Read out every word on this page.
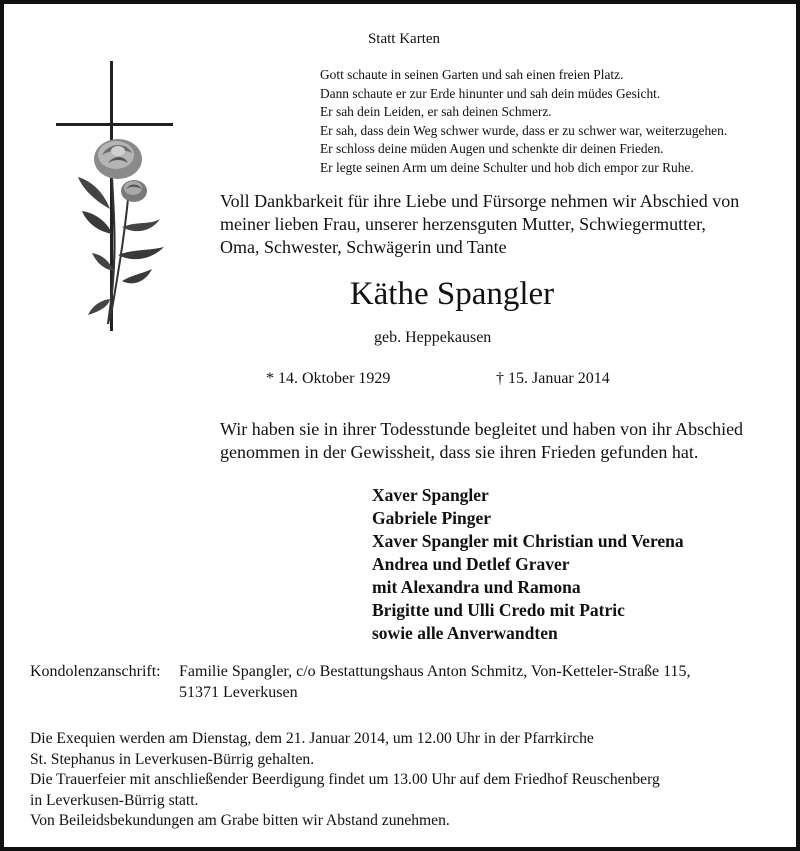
Statt Karten
Gott schaute in seinen Garten und sah einen freien Platz.
Dann schaute er zur Erde hinunter und sah dein müdes Gesicht.
Er sah dein Leiden, er sah deinen Schmerz.
Er sah, dass dein Weg schwer wurde, dass er zu schwer war, weiterzugehen.
Er schloss deine müden Augen und schenkte dir deinen Frieden.
Er legte seinen Arm um deine Schulter und hob dich empor zur Ruhe.
Voll Dankbarkeit für ihre Liebe und Fürsorge nehmen wir Abschied von
meiner lieben Frau, unserer herzensguten Mutter, Schwiegermutter,
Oma, Schwester, Schwägerin und Tante
Käthe Spangler
geb. Heppekausen
* 14. Oktober 1929	† 15. Januar 2014
Wir haben sie in ihrer Todesstunde begleitet und haben von ihr Abschied
genommen in der Gewissheit, dass sie ihren Frieden gefunden hat.
Xaver Spangler
Gabriele Pinger
Xaver Spangler mit Christian und Verena
Andrea und Detlef Graver
mit Alexandra und Ramona
Brigitte und Ulli Credo mit Patric
sowie alle Anverwandten
Kondolenzanschrift: Familie Spangler, c/o Bestattungshaus Anton Schmitz, Von-Ketteler-Straße 115,
51371 Leverkusen
Die Exequien werden am Dienstag, dem 21. Januar 2014, um 12.00 Uhr in der Pfarrkirche
St. Stephanus in Leverkusen-Bürrig gehalten.
Die Trauerfeier mit anschließender Beerdigung findet um 13.00 Uhr auf dem Friedhof Reuschenberg
in Leverkusen-Bürrig statt.
Von Beileidsbekundungen am Grabe bitten wir Abstand zunehmen.
